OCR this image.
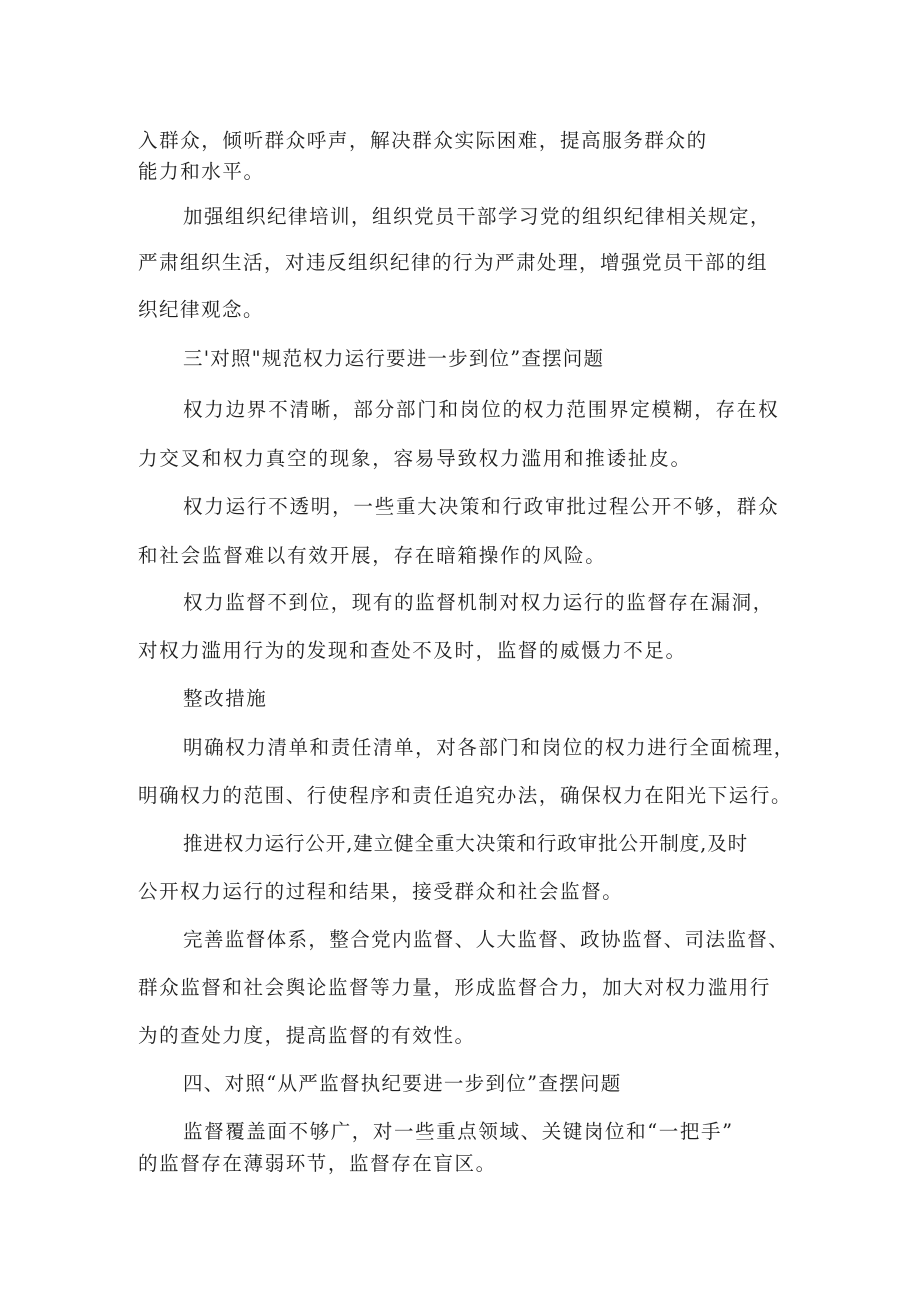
入群众，倾听群众呼声，解决群众实际困难，提高服务群众的
能力和水平。
加强组织纪律培训，组织党员干部学习党的组织纪律相关规定，
严肃组织生活，对违反组织纪律的行为严肃处理，增强党员干部的组
织纪律观念。
三'对照"规范权力运行要进一步到位”查摆问题
权力边界不清晰，部分部门和岗位的权力范围界定模糊，存在权
力交叉和权力真空的现象，容易导致权力滥用和推诿扯皮。
权力运行不透明，一些重大决策和行政审批过程公开不够，群众
和社会监督难以有效开展，存在暗箱操作的风险。
权力监督不到位，现有的监督机制对权力运行的监督存在漏洞，
对权力滥用行为的发现和查处不及时，监督的威慑力不足。
整改措施
明确权力清单和责任清单，对各部门和岗位的权力进行全面梳理，
明确权力的范围、行使程序和责任追究办法，确保权力在阳光下运行。
推进权力运行公开,建立健全重大决策和行政审批公开制度,及时
公开权力运行的过程和结果，接受群众和社会监督。
完善监督体系，整合党内监督、人大监督、政协监督、司法监督、
群众监督和社会舆论监督等力量，形成监督合力，加大对权力滥用行
为的查处力度，提高监督的有效性。
四、对照“从严监督执纪要进一步到位”查摆问题
监督覆盖面不够广，对一些重点领域、关键岗位和“一把手”
的监督存在薄弱环节，监督存在盲区。
